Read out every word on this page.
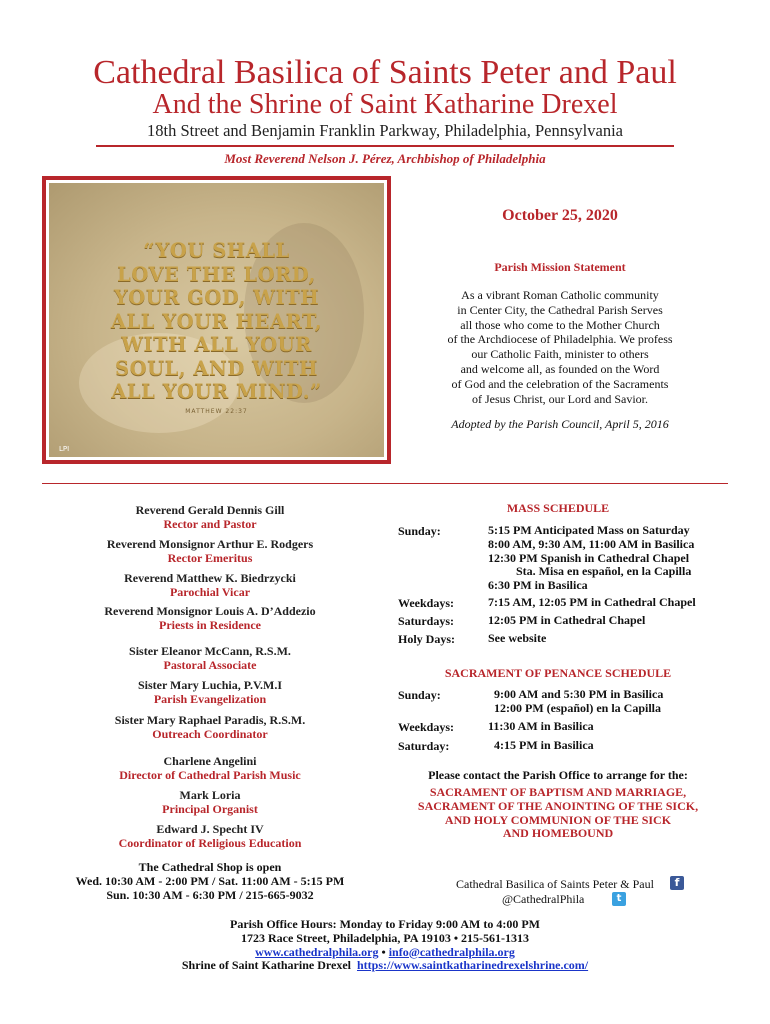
Cathedral Basilica of Saints Peter and Paul
And the Shrine of Saint Katharine Drexel
18th Street and Benjamin Franklin Parkway, Philadelphia, Pennsylvania
Most Reverend Nelson J. Pérez, Archbishop of Philadelphia
“YOU SHALL
LOVE THE LORD,
YOUR GOD, WITH
ALL YOUR HEART,
WITH ALL YOUR
SOUL, AND WITH
ALL YOUR MIND.”
MATTHEW 22:37
LPI
October 25, 2020
Parish Mission Statement
As a vibrant Roman Catholic community
in Center City, the Cathedral Parish Serves
all those who come to the Mother Church
of the Archdiocese of Philadelphia. We profess
our Catholic Faith, minister to others
and welcome all, as founded on the Word
of God and the celebration of the Sacraments
of Jesus Christ, our Lord and Savior.
Adopted by the Parish Council, April 5, 2016
Reverend Gerald Dennis Gill
Rector and Pastor
Reverend Monsignor Arthur E. Rodgers
Rector Emeritus
Reverend Matthew K. Biedrzycki
Parochial Vicar
Reverend Monsignor Louis A. D’Addezio
Priests in Residence
Sister Eleanor McCann, R.S.M.
Pastoral Associate
Sister Mary Luchia, P.V.M.I
Parish Evangelization
Sister Mary Raphael Paradis, R.S.M.
Outreach Coordinator
Charlene Angelini
Director of Cathedral Parish Music
Mark Loria
Principal Organist
Edward J. Specht IV
Coordinator of Religious Education
MASS SCHEDULE
Sunday:	5:15 PM Anticipated Mass on Saturday
8:00 AM, 9:30 AM, 11:00 AM in Basilica
12:30 PM Spanish in Cathedral Chapel
Sta. Misa en español, en la Capilla
6:30 PM in Basilica
Weekdays:	7:15 AM, 12:05 PM in Cathedral Chapel
Saturdays:	12:05 PM in Cathedral Chapel
Holy Days:	See website
SACRAMENT OF PENANCE SCHEDULE
Sunday:	9:00 AM and 5:30 PM in Basilica
12:00 PM (español) en la Capilla
Weekdays:	11:30 AM in Basilica
Saturday:	4:15 PM in Basilica
Please contact the Parish Office to arrange for the:
SACRAMENT OF BAPTISM AND MARRIAGE,
SACRAMENT OF THE ANOINTING OF THE SICK,
AND HOLY COMMUNION OF THE SICK
AND HOMEBOUND
The Cathedral Shop is open
Wed. 10:30 AM - 2:00 PM / Sat. 11:00 AM - 5:15 PM
Sun. 10:30 AM - 6:30 PM / 215-665-9032
Cathedral Basilica of Saints Peter & Paul	f
@CathedralPhila	t
Parish Office Hours: Monday to Friday 9:00 AM to 4:00 PM
1723 Race Street, Philadelphia, PA 19103 • 215-561-1313
www.cathedralphila.org • info@cathedralphila.org
Shrine of Saint Katharine Drexel https://www.saintkatharinedrexelshrine.com/
